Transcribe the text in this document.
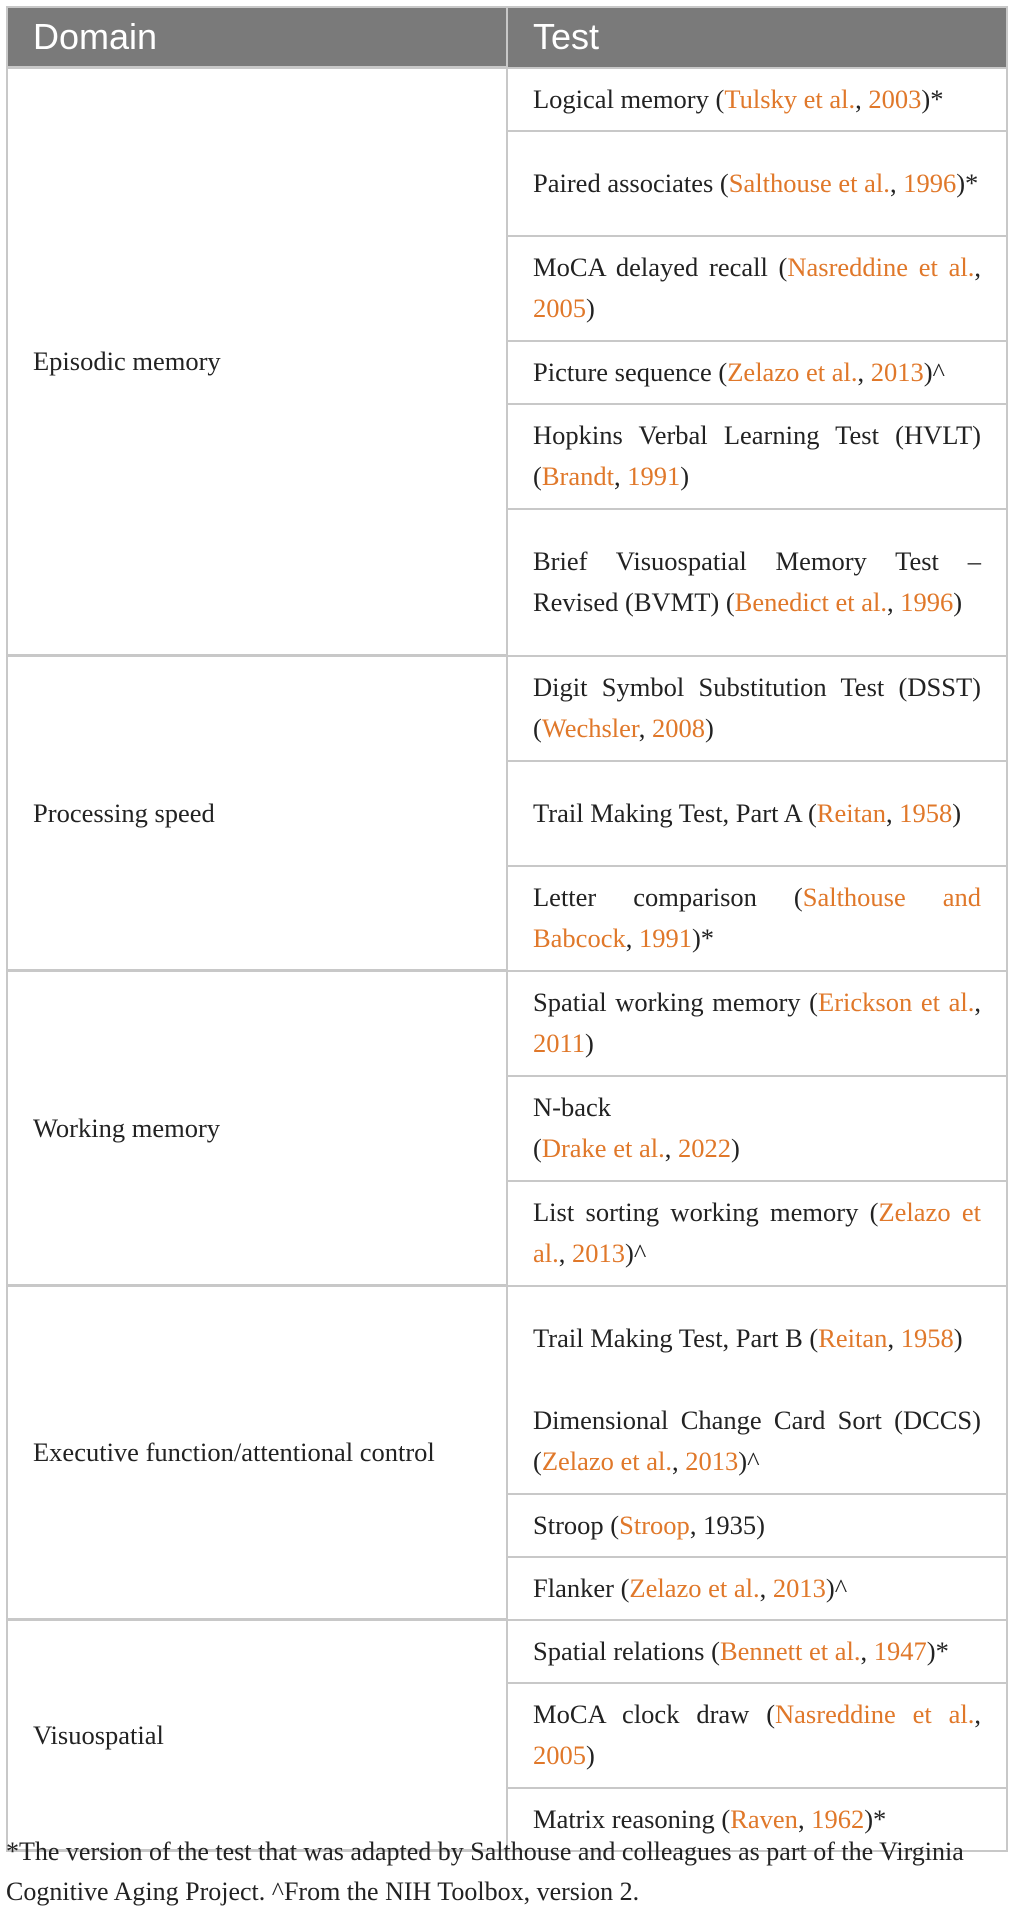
Domain	Test
Episodic memory	Logical memory (Tulsky et al., 2003)*
	Paired associates (Salthouse et al., 1996)*
	MoCA delayed recall (Nasreddine et al., 2005)
	Picture sequence (Zelazo et al., 2013)^
	Hopkins Verbal Learning Test (HVLT) (Brandt, 1991)
	Brief Visuospatial Memory Test – Revised (BVMT) (Benedict et al., 1996)
Processing speed	Digit Symbol Substitution Test (DSST) (Wechsler, 2008)
	Trail Making Test, Part A (Reitan, 1958)
	Letter comparison (Salthouse and Babcock, 1991)*
Working memory	Spatial working memory (Erickson et al., 2011)
	N-back
(Drake et al., 2022)
	List sorting working memory (Zelazo et al., 2013)^
Executive function/attentional control	Trail Making Test, Part B (Reitan, 1958)
	Dimensional Change Card Sort (DCCS) (Zelazo et al., 2013)^
	Stroop (Stroop, 1935)
	Flanker (Zelazo et al., 2013)^
Visuospatial	Spatial relations (Bennett et al., 1947)*
	MoCA clock draw (Nasreddine et al., 2005)
	Matrix reasoning (Raven, 1962)*
*The version of the test that was adapted by Salthouse and colleagues as part of the Virginia
Cognitive Aging Project. ^From the NIH Toolbox, version 2.
